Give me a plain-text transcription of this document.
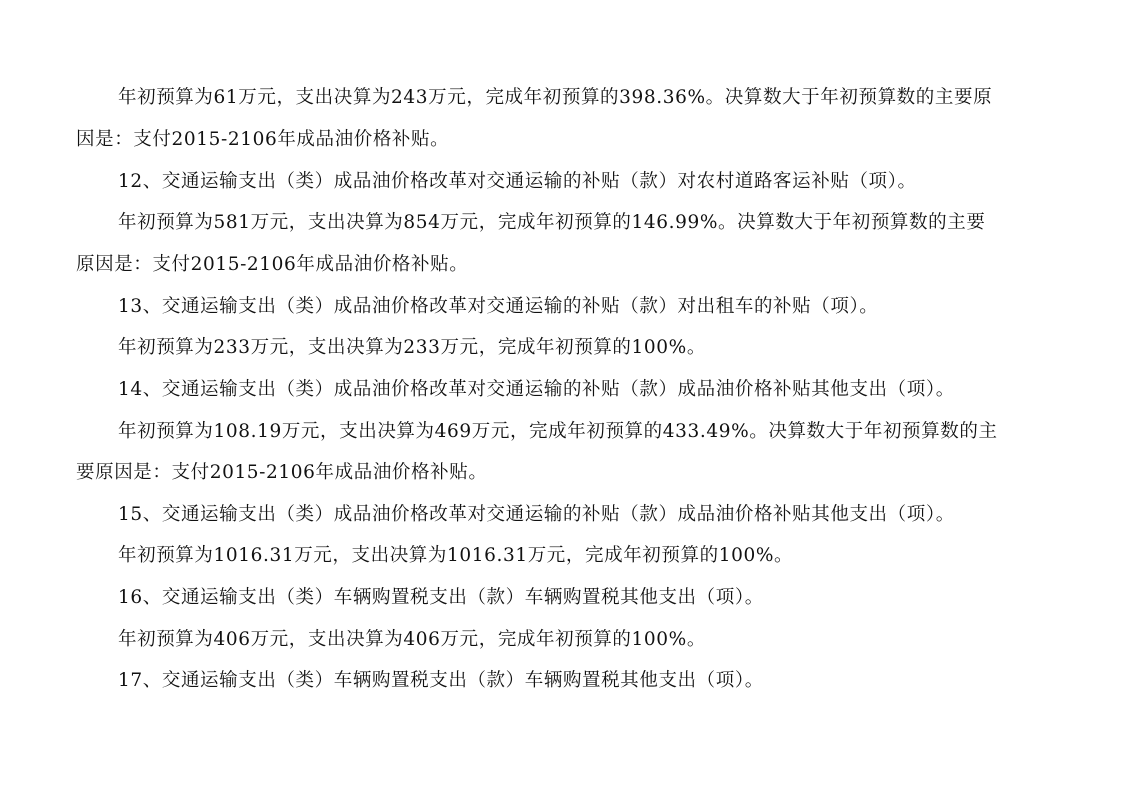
年初预算为61万元，支出决算为243万元，完成年初预算的398.36%。决算数大于年初预算数的主要原
因是：支付2015-2106年成品油价格补贴。
12、交通运输支出（类）成品油价格改革对交通运输的补贴（款）对农村道路客运补贴（项）。
年初预算为581万元，支出决算为854万元，完成年初预算的146.99%。决算数大于年初预算数的主要
原因是：支付2015-2106年成品油价格补贴。
13、交通运输支出（类）成品油价格改革对交通运输的补贴（款）对出租车的补贴（项）。
年初预算为233万元，支出决算为233万元，完成年初预算的100%。
14、交通运输支出（类）成品油价格改革对交通运输的补贴（款）成品油价格补贴其他支出（项）。
年初预算为108.19万元，支出决算为469万元，完成年初预算的433.49%。决算数大于年初预算数的主
要原因是：支付2015-2106年成品油价格补贴。
15、交通运输支出（类）成品油价格改革对交通运输的补贴（款）成品油价格补贴其他支出（项）。
年初预算为1016.31万元，支出决算为1016.31万元，完成年初预算的100%。
16、交通运输支出（类）车辆购置税支出（款）车辆购置税其他支出（项）。
年初预算为406万元，支出决算为406万元，完成年初预算的100%。
17、交通运输支出（类）车辆购置税支出（款）车辆购置税其他支出（项）。
